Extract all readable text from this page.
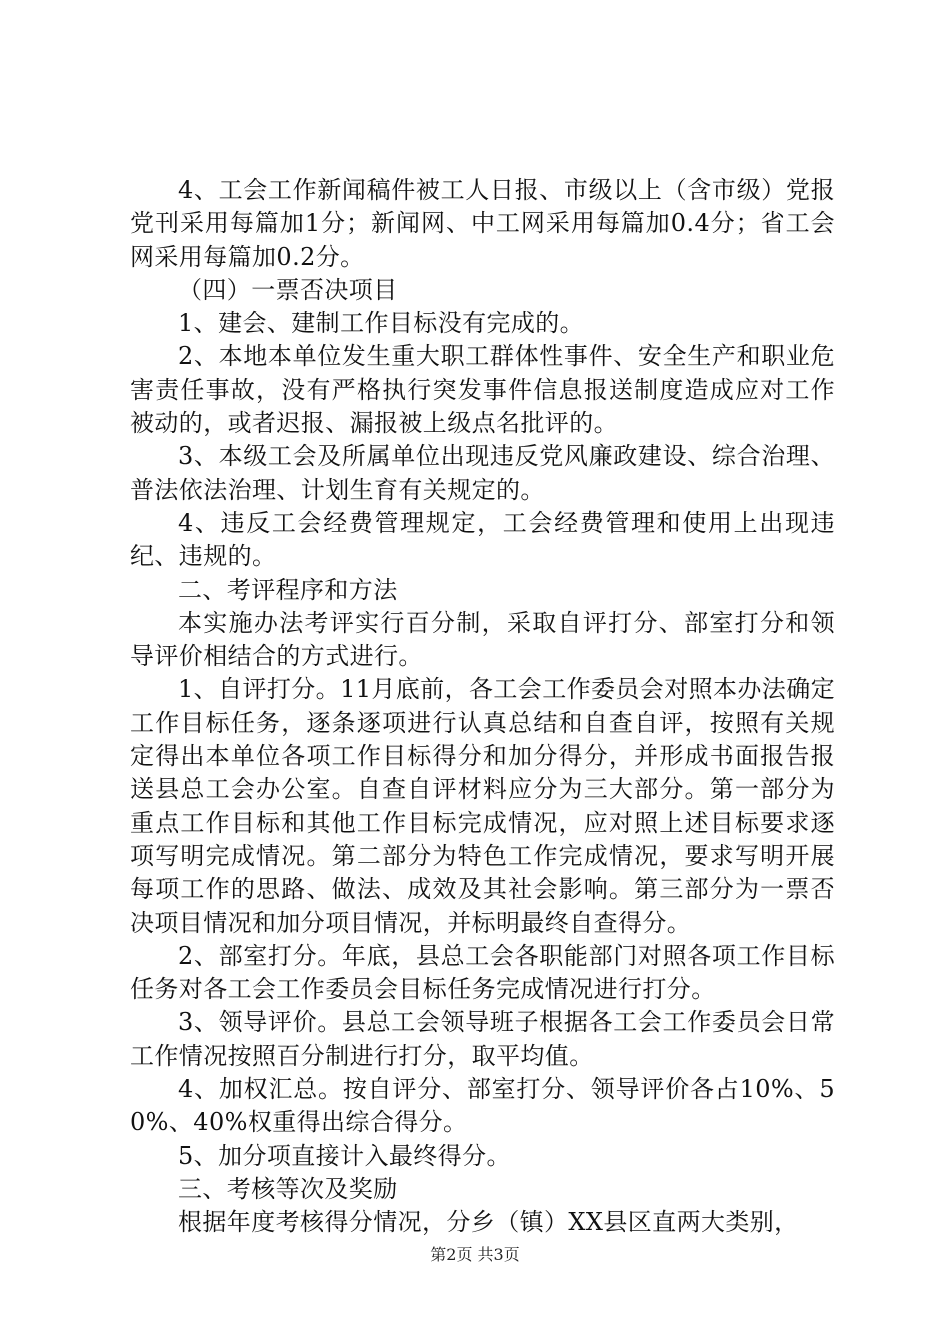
4、工会工作新闻稿件被工人日报、市级以上（含市级）党报党刊采用每篇加1分；新闻网、中工网采用每篇加0.4分；省工会网采用每篇加0.2分。

（四）一票否决项目

1、建会、建制工作目标没有完成的。

2、本地本单位发生重大职工群体性事件、安全生产和职业危害责任事故，没有严格执行突发事件信息报送制度造成应对工作被动的，或者迟报、漏报被上级点名批评的。

3、本级工会及所属单位出现违反党风廉政建设、综合治理、普法依法治理、计划生育有关规定的。

4、违反工会经费管理规定，工会经费管理和使用上出现违纪、违规的。

二、考评程序和方法

本实施办法考评实行百分制，采取自评打分、部室打分和领导评价相结合的方式进行。

1、自评打分。11月底前，各工会工作委员会对照本办法确定工作目标任务，逐条逐项进行认真总结和自查自评，按照有关规定得出本单位各项工作目标得分和加分得分，并形成书面报告报送县总工会办公室。自查自评材料应分为三大部分。第一部分为重点工作目标和其他工作目标完成情况，应对照上述目标要求逐项写明完成情况。第二部分为特色工作完成情况，要求写明开展每项工作的思路、做法、成效及其社会影响。第三部分为一票否决项目情况和加分项目情况，并标明最终自查得分。

2、部室打分。年底，县总工会各职能部门对照各项工作目标任务对各工会工作委员会目标任务完成情况进行打分。

3、领导评价。县总工会领导班子根据各工会工作委员会日常工作情况按照百分制进行打分，取平均值。

4、加权汇总。按自评分、部室打分、领导评价各占10%、50%、40%权重得出综合得分。

5、加分项直接计入最终得分。

三、考核等次及奖励

根据年度考核得分情况，分乡（镇）XX县区直两大类别，

第2页 共3页
